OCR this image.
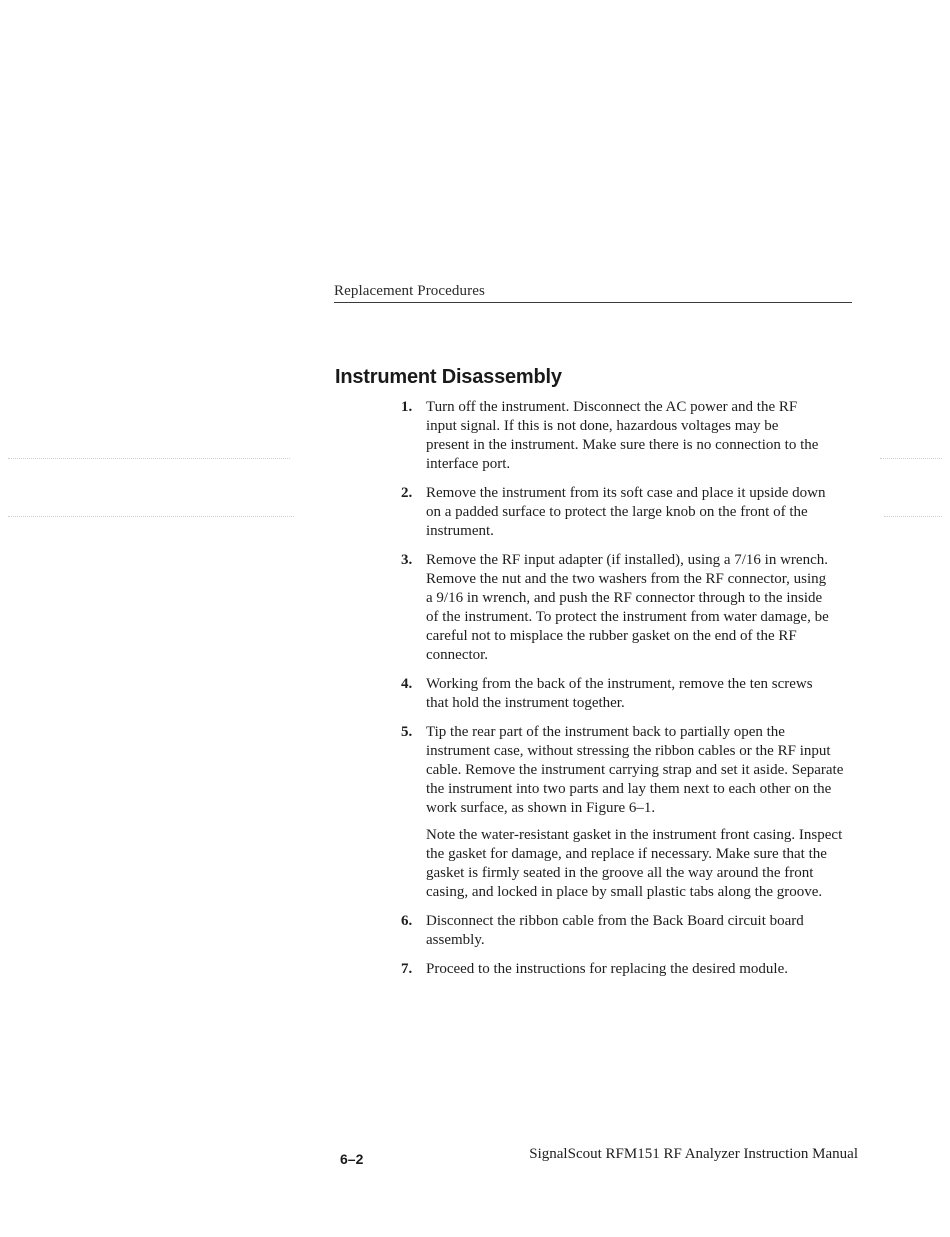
Replacement Procedures
Instrument Disassembly
1. Turn off the instrument. Disconnect the AC power and the RF input signal. If this is not done, hazardous voltages may be present in the instrument. Make sure there is no connection to the interface port.
2. Remove the instrument from its soft case and place it upside down on a padded surface to protect the large knob on the front of the instrument.
3. Remove the RF input adapter (if installed), using a 7/16 in wrench. Remove the nut and the two washers from the RF connector, using a 9/16 in wrench, and push the RF connector through to the inside of the instrument. To protect the instrument from water damage, be careful not to misplace the rubber gasket on the end of the RF connector.
4. Working from the back of the instrument, remove the ten screws that hold the instrument together.
5. Tip the rear part of the instrument back to partially open the instrument case, without stressing the ribbon cables or the RF input cable. Remove the instrument carrying strap and set it aside. Separate the instrument into two parts and lay them next to each other on the work surface, as shown in Figure 6–1.
Note the water-resistant gasket in the instrument front casing. Inspect the gasket for damage, and replace if necessary. Make sure that the gasket is firmly seated in the groove all the way around the front casing, and locked in place by small plastic tabs along the groove.
6. Disconnect the ribbon cable from the Back Board circuit board assembly.
7. Proceed to the instructions for replacing the desired module.
6–2	SignalScout RFM151 RF Analyzer Instruction Manual
